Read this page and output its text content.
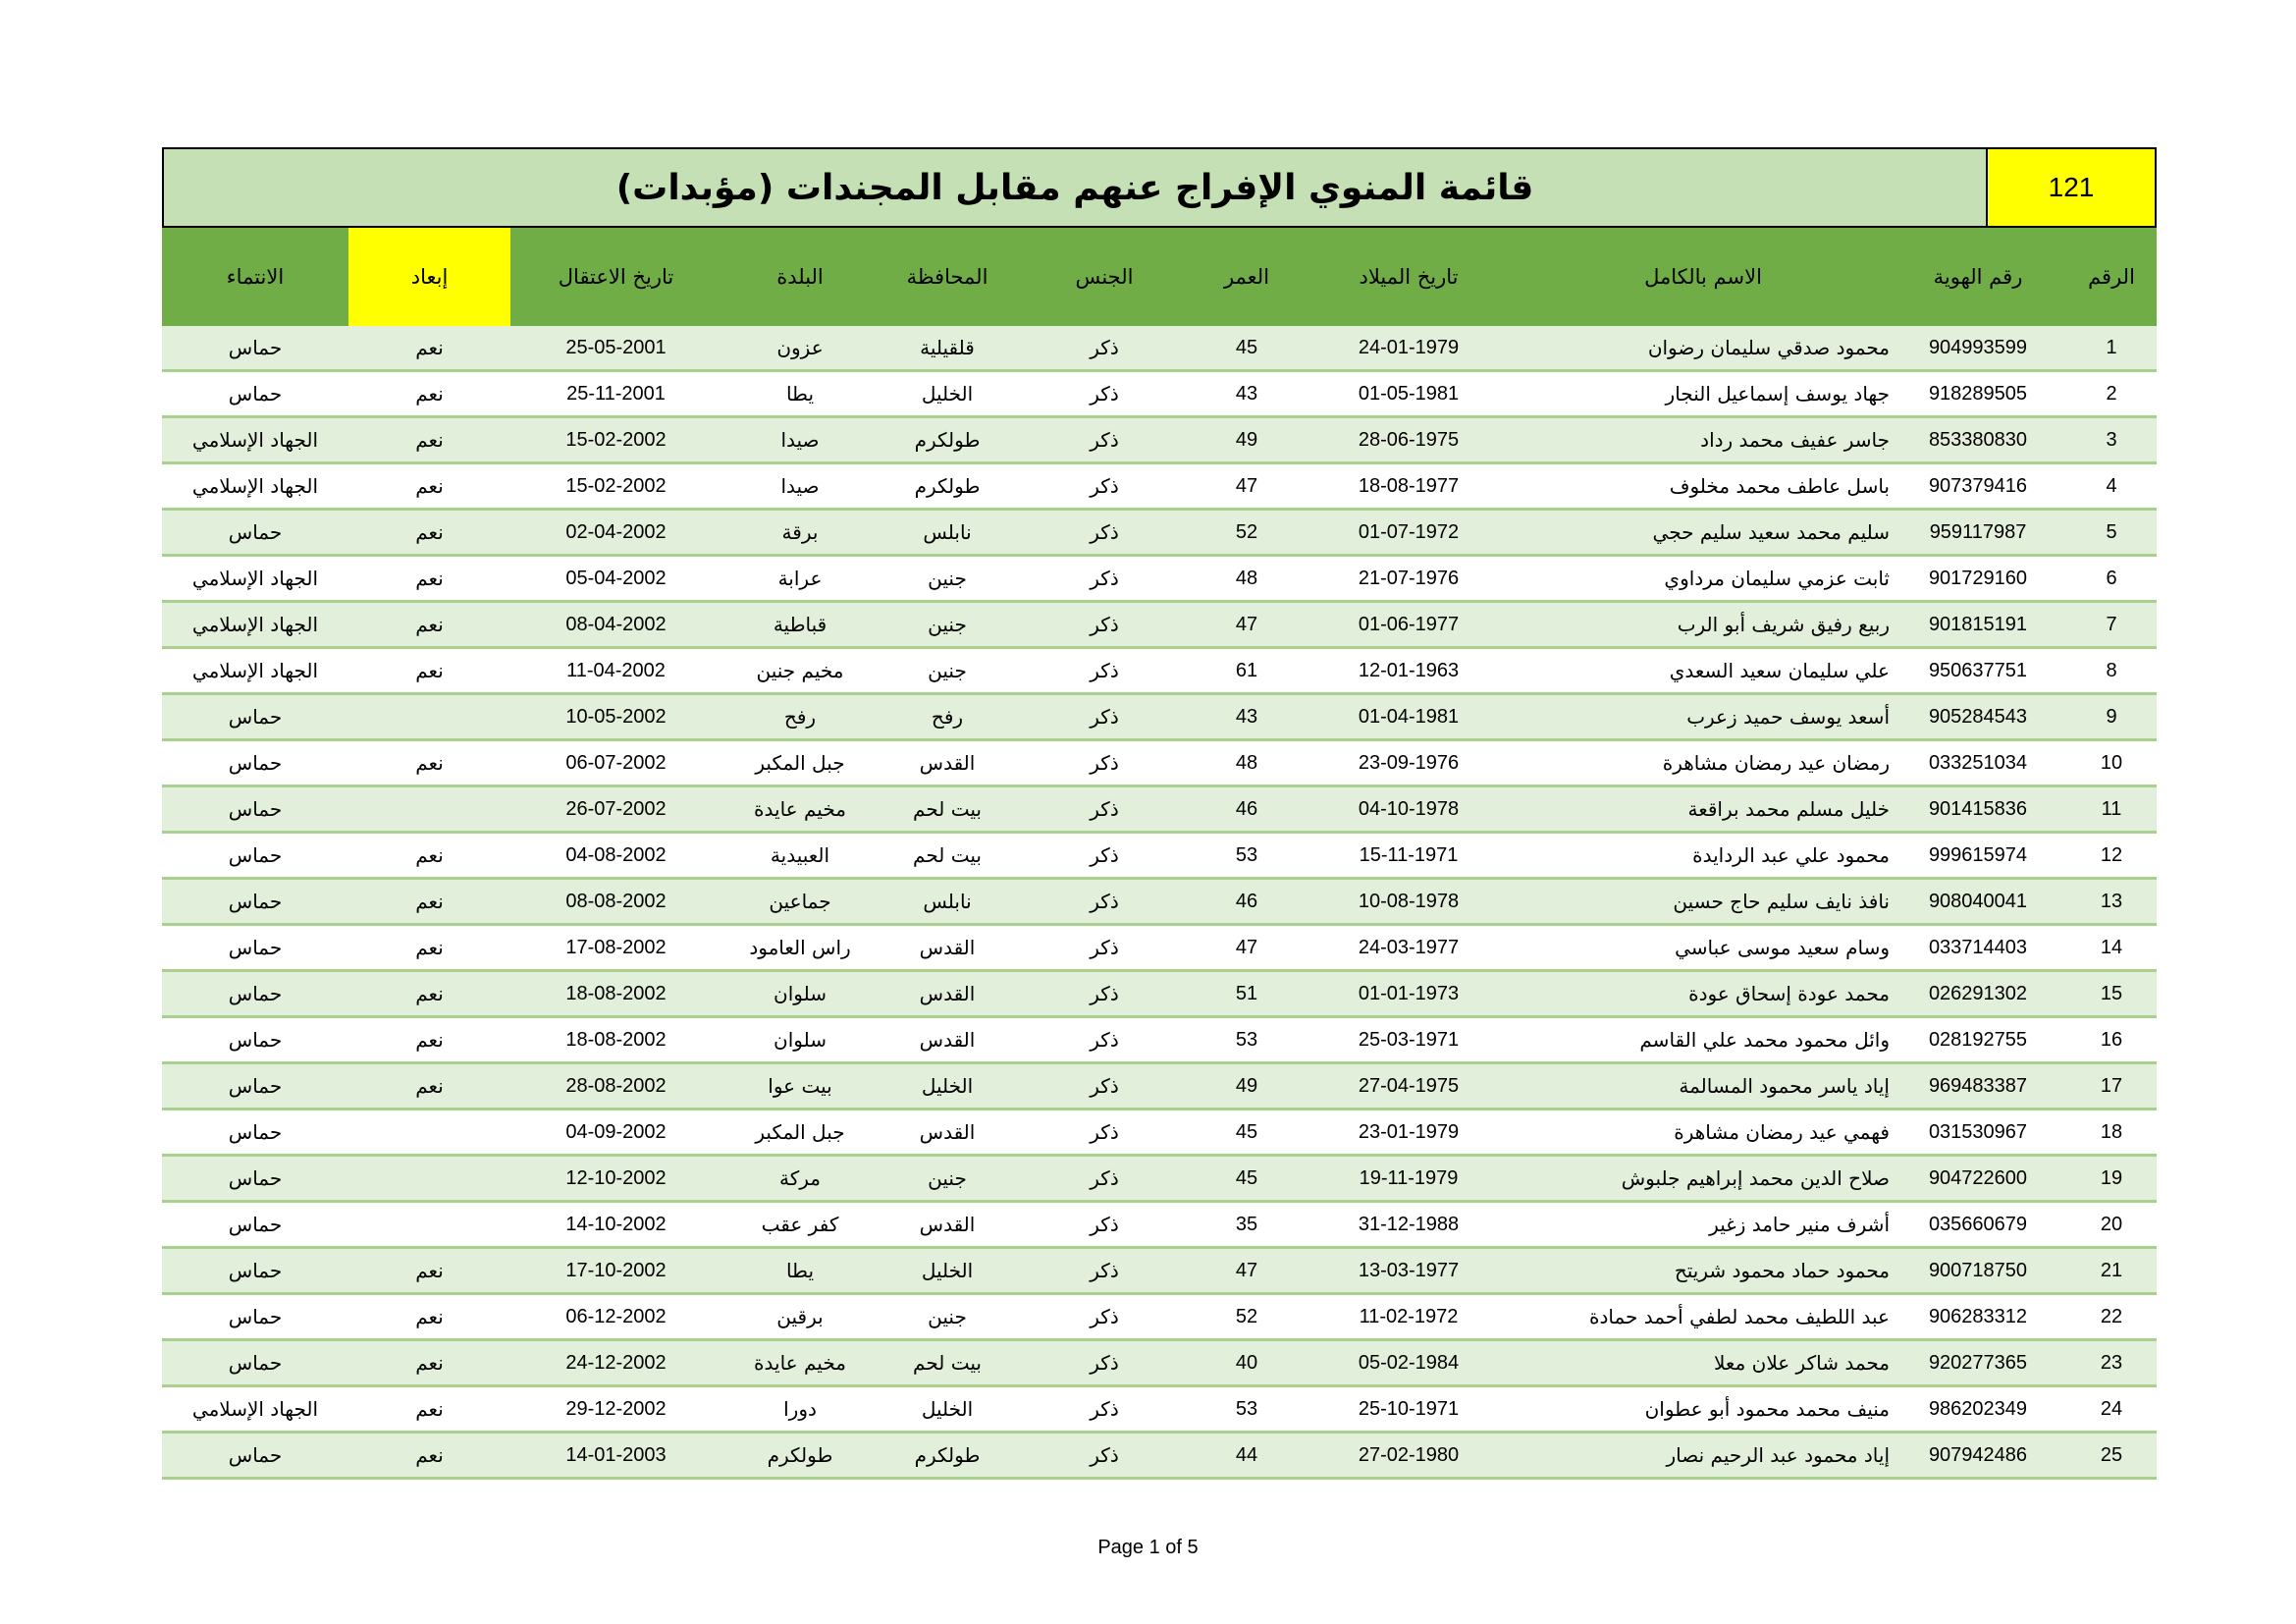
قائمة المنوي الإفراج عنهم مقابل المجندات (مؤبدات)	121
الرقم	رقم الهوية	الاسم بالكامل	تاريخ الميلاد	العمر	الجنس	المحافظة	البلدة	تاريخ الاعتقال	إبعاد	الانتماء
1	904993599	محمود صدقي سليمان رضوان	24-01-1979	45	ذكر	قلقيلية	عزون	25-05-2001	نعم	حماس
2	918289505	جهاد يوسف إسماعيل النجار	01-05-1981	43	ذكر	الخليل	يطا	25-11-2001	نعم	حماس
3	853380830	جاسر عفيف محمد رداد	28-06-1975	49	ذكر	طولكرم	صيدا	15-02-2002	نعم	الجهاد الإسلامي
4	907379416	باسل عاطف محمد مخلوف	18-08-1977	47	ذكر	طولكرم	صيدا	15-02-2002	نعم	الجهاد الإسلامي
5	959117987	سليم محمد سعيد سليم حجي	01-07-1972	52	ذكر	نابلس	برقة	02-04-2002	نعم	حماس
6	901729160	ثابت عزمي سليمان مرداوي	21-07-1976	48	ذكر	جنين	عرابة	05-04-2002	نعم	الجهاد الإسلامي
7	901815191	ربيع رفيق شريف أبو الرب	01-06-1977	47	ذكر	جنين	قباطية	08-04-2002	نعم	الجهاد الإسلامي
8	950637751	علي سليمان سعيد السعدي	12-01-1963	61	ذكر	جنين	مخيم جنين	11-04-2002	نعم	الجهاد الإسلامي
9	905284543	أسعد يوسف حميد زعرب	01-04-1981	43	ذكر	رفح	رفح	10-05-2002		حماس
10	033251034	رمضان عيد رمضان مشاهرة	23-09-1976	48	ذكر	القدس	جبل المكبر	06-07-2002	نعم	حماس
11	901415836	خليل مسلم محمد براقعة	04-10-1978	46	ذكر	بيت لحم	مخيم عايدة	26-07-2002		حماس
12	999615974	محمود علي عبد الردايدة	15-11-1971	53	ذكر	بيت لحم	العبيدية	04-08-2002	نعم	حماس
13	908040041	نافذ نايف سليم حاج حسين	10-08-1978	46	ذكر	نابلس	جماعين	08-08-2002	نعم	حماس
14	033714403	وسام سعيد موسى عباسي	24-03-1977	47	ذكر	القدس	راس العامود	17-08-2002	نعم	حماس
15	026291302	محمد عودة إسحاق عودة	01-01-1973	51	ذكر	القدس	سلوان	18-08-2002	نعم	حماس
16	028192755	وائل محمود محمد علي القاسم	25-03-1971	53	ذكر	القدس	سلوان	18-08-2002	نعم	حماس
17	969483387	إياد ياسر محمود المسالمة	27-04-1975	49	ذكر	الخليل	بيت عوا	28-08-2002	نعم	حماس
18	031530967	فهمي عيد رمضان مشاهرة	23-01-1979	45	ذكر	القدس	جبل المكبر	04-09-2002		حماس
19	904722600	صلاح الدين محمد إبراهيم جلبوش	19-11-1979	45	ذكر	جنين	مركة	12-10-2002		حماس
20	035660679	أشرف منير حامد زغير	31-12-1988	35	ذكر	القدس	كفر عقب	14-10-2002		حماس
21	900718750	محمود حماد محمود شريتح	13-03-1977	47	ذكر	الخليل	يطا	17-10-2002	نعم	حماس
22	906283312	عبد اللطيف محمد لطفي أحمد حمادة	11-02-1972	52	ذكر	جنين	برقين	06-12-2002	نعم	حماس
23	920277365	محمد شاكر علان معلا	05-02-1984	40	ذكر	بيت لحم	مخيم عايدة	24-12-2002	نعم	حماس
24	986202349	منيف محمد محمود أبو عطوان	25-10-1971	53	ذكر	الخليل	دورا	29-12-2002	نعم	الجهاد الإسلامي
25	907942486	إياد محمود عبد الرحيم نصار	27-02-1980	44	ذكر	طولكرم	طولكرم	14-01-2003	نعم	حماس
Page 1 of 5
